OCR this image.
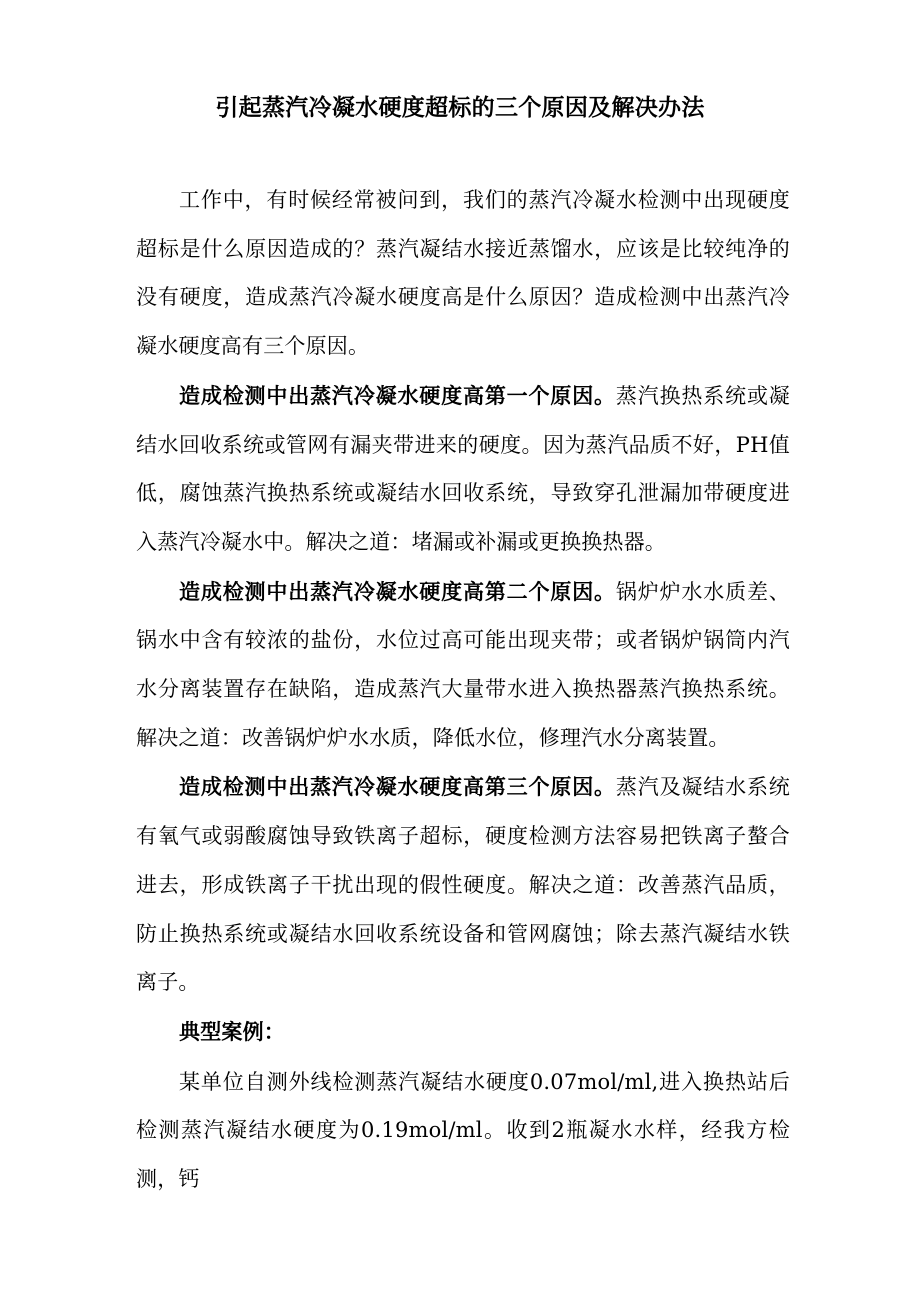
引起蒸汽冷凝水硬度超标的三个原因及解决办法

工作中，有时候经常被问到，我们的蒸汽冷凝水检测中出现硬度超标是什么原因造成的？蒸汽凝结水接近蒸馏水，应该是比较纯净的没有硬度，造成蒸汽冷凝水硬度高是什么原因？造成检测中出蒸汽冷凝水硬度高有三个原因。

造成检测中出蒸汽冷凝水硬度高第一个原因。蒸汽换热系统或凝结水回收系统或管网有漏夹带进来的硬度。因为蒸汽品质不好，PH值低，腐蚀蒸汽换热系统或凝结水回收系统，导致穿孔泄漏加带硬度进入蒸汽冷凝水中。解决之道：堵漏或补漏或更换换热器。

造成检测中出蒸汽冷凝水硬度高第二个原因。锅炉炉水水质差、锅水中含有较浓的盐份，水位过高可能出现夹带；或者锅炉锅筒内汽水分离装置存在缺陷，造成蒸汽大量带水进入换热器蒸汽换热系统。解决之道：改善锅炉炉水水质，降低水位，修理汽水分离装置。

造成检测中出蒸汽冷凝水硬度高第三个原因。蒸汽及凝结水系统有氧气或弱酸腐蚀导致铁离子超标，硬度检测方法容易把铁离子螯合进去，形成铁离子干扰出现的假性硬度。解决之道：改善蒸汽品质，防止换热系统或凝结水回收系统设备和管网腐蚀；除去蒸汽凝结水铁离子。

典型案例：

某单位自测外线检测蒸汽凝结水硬度0.07mol/ml,进入换热站后检测蒸汽凝结水硬度为0.19mol/ml。收到2瓶凝水水样，经我方检测，钙
